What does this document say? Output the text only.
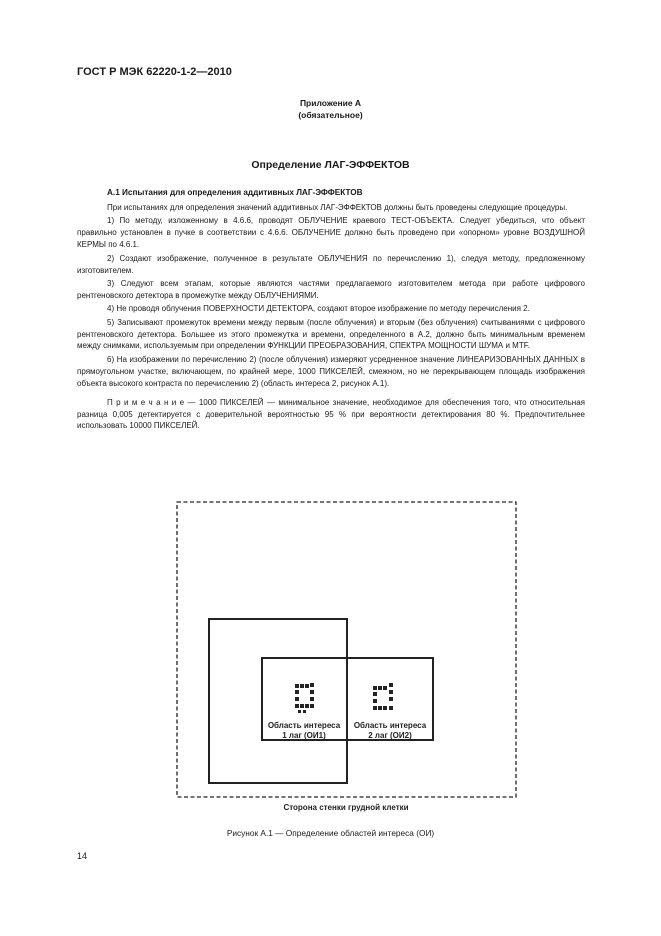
ГОСТ Р МЭК 62220-1-2—2010
Приложение А
(обязательное)
Определение ЛАГ-ЭФФЕКТОВ
А.1 Испытания для определения аддитивных ЛАГ-ЭФФЕКТОВ

При испытаниях для определения значений аддитивных ЛАГ-ЭФФЕКТОВ должны быть проведены следующие процедуры.

1) По методу, изложенному в 4.6.6, проводят ОБЛУЧЕНИЕ краевого ТЕСТ-ОБЪЕКТА. Следует убедиться, что объект правильно установлен в пучке в соответствии с 4.6.6. ОБЛУЧЕНИЕ должно быть проведено при «опорном» уровне ВОЗДУШНОЙ КЕРМЫ по 4.6.1.

2) Создают изображение, полученное в результате ОБЛУЧЕНИЯ по перечислению 1), следуя методу, предложенному изготовителем.

3) Следуют всем этапам, которые являются частями предлагаемого изготовителем метода при работе цифрового рентгеновского детектора в промежутке между ОБЛУЧЕНИЯМИ.

4) Не проводя облучения ПОВЕРХНОСТИ ДЕТЕКТОРА, создают второе изображение по методу перечисления 2.

5) Записывают промежуток времени между первым (после облучения) и вторым (без облучения) считываниями с цифрового рентгеновского детектора. Большее из этого промежутка и времени, определенного в А.2, должно быть минимальным временем между снимками, используемым при определении ФУНКЦИИ ПРЕОБРАЗОВАНИЯ, СПЕКТРА МОЩНОСТИ ШУМА и MTF.

6) На изображении по перечислению 2) (после облучения) измеряют усредненное значение ЛИНЕАРИЗОВАННЫХ ДАННЫХ в прямоугольном участке, включающем, по крайней мере, 1000 ПИКСЕЛЕЙ, смежном, но не перекрывающем площадь изображения объекта высокого контраста по перечислению 2) (область интереса 2, рисунок А.1).

П р и м е ч а н и е — 1000 ПИКСЕЛЕЙ — минимальное значение, необходимое для обеспечения того, что относительная разница 0,005 детектируется с доверительной вероятностью 95 % при вероятности детектирования 80 %. Предпочтительнее использовать 10000 ПИКСЕЛЕЙ.

Область интереса
1 лаг (ОИ1)
Область интереса
2 лаг (ОИ2)
Сторона стенки грудной клетки
Рисунок А.1 — Определение областей интереса (ОИ)
14
